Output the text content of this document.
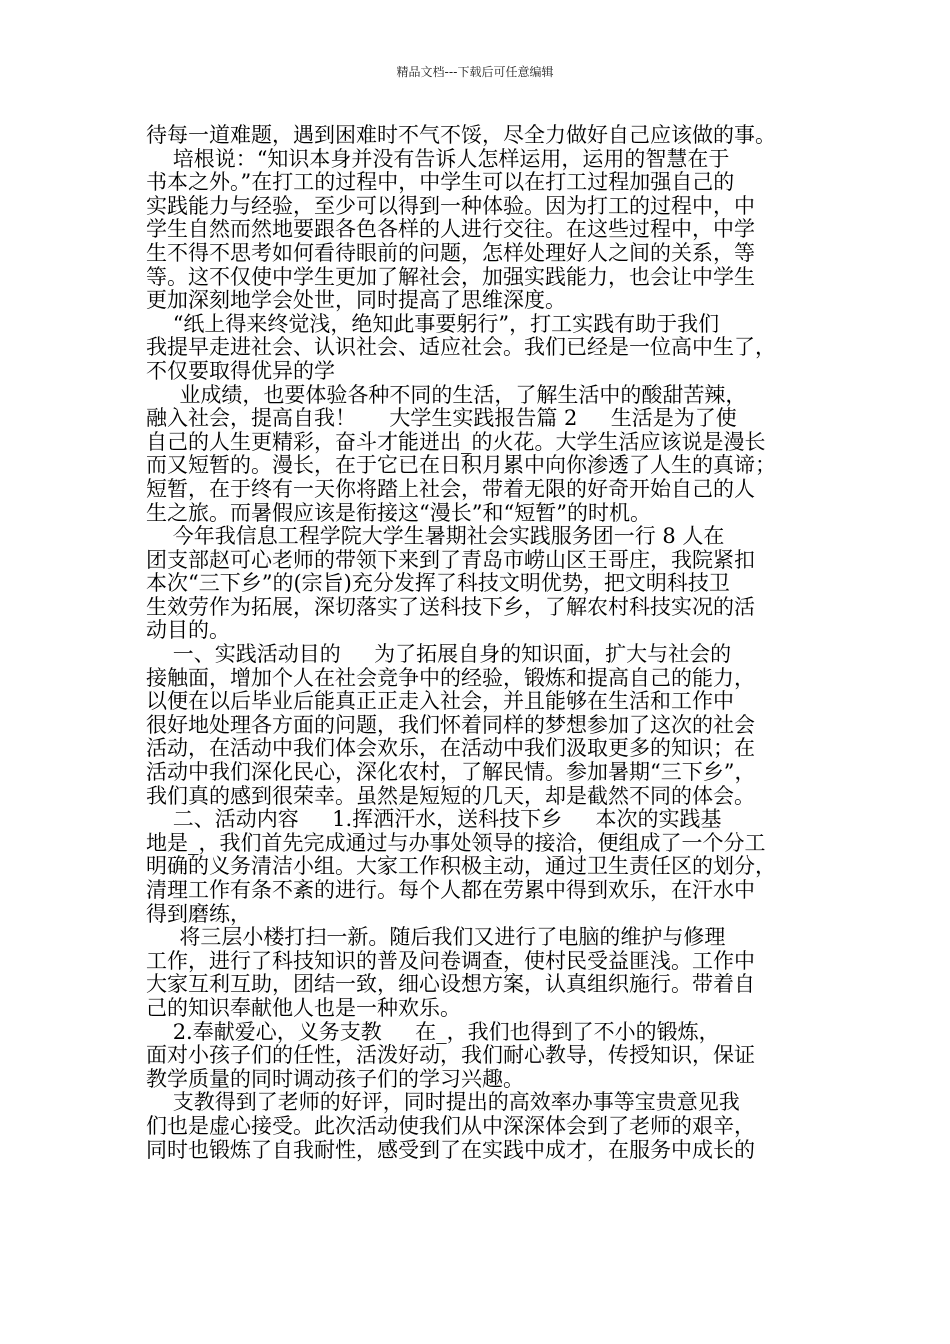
精品文档---下载后可任意编辑
待每一道难题，遇到困难时不气不馁，尽全力做好自己应该做的事。
培根说：“知识本身并没有告诉人怎样运用，运用的智慧在于
书本之外。”在打工的过程中，中学生可以在打工过程加强自己的
实践能力与经验，至少可以得到一种体验。因为打工的过程中，中
学生自然而然地要跟各色各样的人进行交往。在这些过程中，中学
生不得不思考如何看待眼前的问题，怎样处理好人之间的关系，等
等。这不仅使中学生更加了解社会，加强实践能力，也会让中学生
更加深刻地学会处世，同时提高了思维深度。
“纸上得来终觉浅，绝知此事要躬行”，打工实践有助于我们
我提早走进社会、认识社会、适应社会。我们已经是一位高中生了，
不仅要取得优异的学
业成绩，也要体验各种不同的生活，了解生活中的酸甜苦辣，
融入社会，提高自我！     大学生实践报告篇 2     生活是为了使
自己的人生更精彩，奋斗才能迸出_的火花。大学生活应该说是漫长
而又短暂的。漫长，在于它已在日积月累中向你渗透了人生的真谛；
短暂，在于终有一天你将踏上社会，带着无限的好奇开始自己的人
生之旅。而暑假应该是衔接这“漫长”和“短暂”的时机。
今年我信息工程学院大学生暑期社会实践服务团一行 8 人在
团支部赵可心老师的带领下来到了青岛市崂山区王哥庄，我院紧扣
本次“三下乡”的(宗旨)充分发挥了科技文明优势，把文明科技卫
生效劳作为拓展，深切落实了送科技下乡，了解农村科技实况的活
动目的。
一、实践活动目的     为了拓展自身的知识面，扩大与社会的
接触面，增加个人在社会竞争中的经验，锻炼和提高自己的能力，
以便在以后毕业后能真正正走入社会，并且能够在生活和工作中
很好地处理各方面的问题，我们怀着同样的梦想参加了这次的社会
活动，在活动中我们体会欢乐，在活动中我们汲取更多的知识；在
活动中我们深化民心，深化农村，了解民情。参加暑期“三下乡”，
我们真的感到很荣幸。虽然是短短的几天，却是截然不同的体会。
二、活动内容     1.挥洒汗水，送科技下乡     本次的实践基
地是_，我们首先完成通过与办事处领导的接洽，便组成了一个分工
明确的义务清洁小组。大家工作积极主动，通过卫生责任区的划分，
清理工作有条不紊的进行。每个人都在劳累中得到欢乐，在汗水中
得到磨练，
将三层小楼打扫一新。随后我们又进行了电脑的维护与修理
工作，进行了科技知识的普及问卷调查，使村民受益匪浅。工作中
大家互利互助，团结一致，细心设想方案，认真组织施行。带着自
己的知识奉献他人也是一种欢乐。
2.奉献爱心，义务支教     在_，我们也得到了不小的锻炼，
面对小孩子们的任性，活泼好动，我们耐心教导，传授知识，保证
教学质量的同时调动孩子们的学习兴趣。
支教得到了老师的好评，同时提出的高效率办事等宝贵意见我
们也是虚心接受。此次活动使我们从中深深体会到了老师的艰辛，
同时也锻炼了自我耐性，感受到了在实践中成才，在服务中成长的
